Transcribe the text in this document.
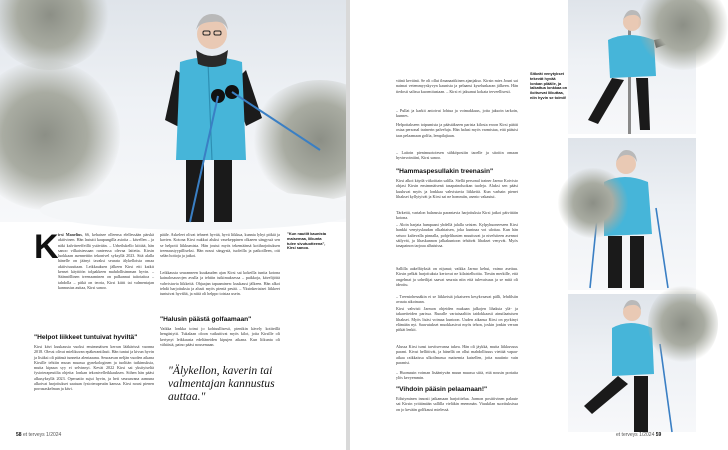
K irsi Manelius, 66, kehaisee olleensa elellessään pärskä aktiivinen. Hän lastutti kaupungilla asioita – kävellen – ja näki kalvitreeffeillä ystävään. – Urheilukello kiittää, hän sanoo vilkaistessaan ranteessa olevaa laitetta. Kirsin luokkaan asennettiin tekonivel syksyllä 2023. Sitä alalla hänelle on jäänyt tavaksi seurata älykelloista omaa aktiivisuuttaan. Leikkauksen jälkeen Kirsi etti katkit kenset käyttöön tolpakkeen mahdollisimman hyvin. – Säännöllinen treenaaminen on palkannut taitotaitoa – tahdolla – pitkä on teoria, Kirsi kiitti tai valmentajan kannustus auttaa, Kirsi sanoo.
"Helpot liikkeet tuntuivat hyviltä"
Kirsi kävi kuukausia vuoksi ensimmäisen kerran lääkärissä vuonna 2018. Olesst olivat mielikuvan epäkerantilasti. Hän tuntui ja kivun hyvin ja lisäksi oli päänsä tunnetta alentaaanu. Seuraavan neljän vuoden aikana Kirsille tehtiin muun muassa gynekologinen ja tuolitän tutkimuksia, mutta kipuun syy ei selvinnyt. Kevät 2022 Kirsi sai yksityiseltä fysioterapeutilta ohjeita: lonkan tekonivelleikkauksen. Siihen hän pääsi alkusyksyllä 2023. Operaatio sujui hyvin, ja heti seuraavana aamuna alkoivat harjoitukset saatuan fysioterapeutin kanssa. Kirsi nousi pienen porrasaskelman ja kävi.
pääle. Askeleet olivat tehneet hyvää, hyvä liikkua, kunnia lyhyt pitkiä ja kavien. Kotona Kirsi nukkui aluksi vasekeppinen olkaeen sängyssä sen se helpotti liikkumista. Hän joutui myös tekemäänsä kotiharjoituksen treenaustyypilliseksi. Hän nousi sängystä, tuoleilla ja paikoilleen, otti selän hoitoja ja jatkoi.
Leikkausta seuranneen kuukauden ajan Kirsi sai kokeilla tuntia kotona kainalosauvojen avulla ja tehtiin tutkimuksessa – paikkoja, kävelijöitä vahvistavia liikkeitä. Ohjaajan tapaaminen: kuukausi jälkeen. Hän alkoi tehdä harjoituksia ja alusti myös pientä pesää. – Yksinkertaiset liikkeet tuntuivat hyvältä, ja niitä oli helppo toistaa usein.
"Halusin päästä golfaamaan"
Vaikka lonkka toimi jo kohtuullisesti, pienikin kävely kotiteillä hengästytti. Tukalaan oloon vaikuttivat myös kilot, joita Kirsille oli kertynyt leikkausta edeltäneiden kipujen aikana. Kun liikunta oli vähäistä, paino pääsi nousemaan.
"Kun nautiit kaunista maisemaa, liikunta tulee sivutuotteena", Kirsi sanoo.
"Älykellon, kaverin tai valmentajan kannustus auttaa."
58 et terveys 1/2024
väinä keväinä. Se oli ollut ilmanaatikinen ajanjakso. Kirsin mies Jouni sai naimat vetemmyyskyvyn kaunista ja pelaansi kyselunkaran jälkeen. Hän tiedosti salissa kuormitustaan. – Kirsi ei jaksanut kokata terveellisesti.
– Pullat ja karkit antoivat lohtua ja voimakkuus, jotta jaksoin tarkoin, kunnes.
Helpottakseen toipumista ja päästäkseen parista kilosta eroon Kirsi päätti ostaa personal trainerin palveluja. Hän halusi myös varmistaa, että pääsisi taas pelaamaan golfia, lempilajiaan.
– Laitoin pienimuotoiesen sähköpostiin taoelle ja sitoitin omaan hyvinvointiini, Kirsi sanoo.
"Hammaspesullakin treenasin"
Kirsi alkoi käydä viikoittain salilla. Siellä personal trainer Jarmo Koivisto ohjasi Kirsin ensimmäisenä tasapainoluokan tuoleja. Aluksi sen pääsi kuuluvat myös ja lonkkaa vahvistavia liikkeitä. Kun varhain pienet lihakset kyllytyivät ja Kirsi sai ne hommiin, asento vakautui.
Tärkeitä, vartalon balanssia parantavia harjoituksia Kirsi jatkoi päivittäin kotona.
– Aloin harjata hampaani yhdellä jalalla seisten. Kylpyhuoneeseen Kirsi hankki venytyslaudan olkahtaisen, joka kuninaa voi ulottaa. Kun hän seisoo kaltevalla pinnalla, pohjelihasten muuttuvat ja nivelsiteen asennot säilyvät, ja lihaskunnon jalkakuntoon tehtävät lihakset venyvät. Myös tasapainon tarjoaa alhaisissa.
Sallilla aakelfäyksiä on nijunut; vaikka Jarmo kehui, vaimo asettuu. Kirsin pelkät harjoituksia kertovat ne kilaistelhoitta. Tiesän merkille, että ongelmat ja urheilijat saavat seurata niin että tulevaisuus ja se mitä oli ideoitu.
– Treeniohesnäkin ei se liikkeistä jokaiseen kesykvaavat pälli, lehdilsiin avauta aikoinaan.
Kirsi vahvisti Jarmon ohjeiden mukaan jalkojen lihaksia ylä- ja takareiteiden parissa. Ruoalle vartaisaaltiin taidokkaasti ainutlaatuisen lihakset. Myös lisäsi voimaa kuntoon. Uuden aikansa Kirsi on pyrkinyt elämään nyt. Saavutukset muokkasivat myös tehon, joskin jonkin verran pitkät lenkit.
Alussa Kirsi tunsi tarvitsevansa tukea. Hän oli jäykkä, mutta liikkuvuus parani. Kivut hellittivät, ja hänellä on ollut mahdollisuus viettää vapaa-aikaa raikkaissa ulkoilmassa maisemia katsellen, jotta nautinto vain paranisi.
– Huomasin voiman lisääntyvän muun muassa siitä, että nousin portaita ylös kevyemmin.
"Vihdoin pääsin pelaamaan!"
Edistyminen innosti jatkamaan harjoittelua. Jarmon positiivinen palaute sai Kirsin yrittämään sallilla vieläkin enemmän. Viuukilan suorituksissa on jo kevään golfkausi mielessä.
Sitkeät venytykset tekevät hyvää lonkan pläälle, ja laikattua lonkkaa on iloitsevat liikuttaa, niin hyvin se toimii!
et terveys 1/2024 59
